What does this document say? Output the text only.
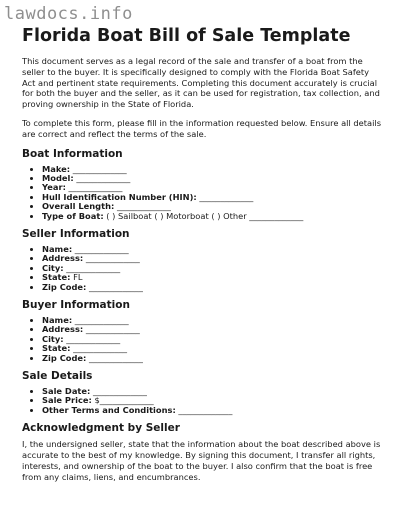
lawdocs.info
Florida Boat Bill of Sale Template

This document serves as a legal record of the sale and transfer of a boat from the seller to the buyer. It is specifically designed to comply with the Florida Boat Safety Act and pertinent state requirements. Completing this document accurately is crucial for both the buyer and the seller, as it can be used for registration, tax collection, and proving ownership in the State of Florida.

To complete this form, please fill in the information requested below. Ensure all details are correct and reflect the terms of the sale.

Boat Information
• Make: _____________
• Model: _____________
• Year: _____________
• Hull Identification Number (HIN): _____________
• Overall Length: _____________
• Type of Boat: ( ) Sailboat ( ) Motorboat ( ) Other _____________
Seller Information
• Name: _____________
• Address: _____________
• City: _____________
• State: FL
• Zip Code: _____________
Buyer Information
• Name: _____________
• Address: _____________
• City: _____________
• State: _____________
• Zip Code: _____________
Sale Details
• Sale Date: _____________
• Sale Price: $_____________
• Other Terms and Conditions: _____________
Acknowledgment by Seller

I, the undersigned seller, state that the information about the boat described above is accurate to the best of my knowledge. By signing this document, I transfer all rights, interests, and ownership of the boat to the buyer. I also confirm that the boat is free from any claims, liens, and encumbrances.
